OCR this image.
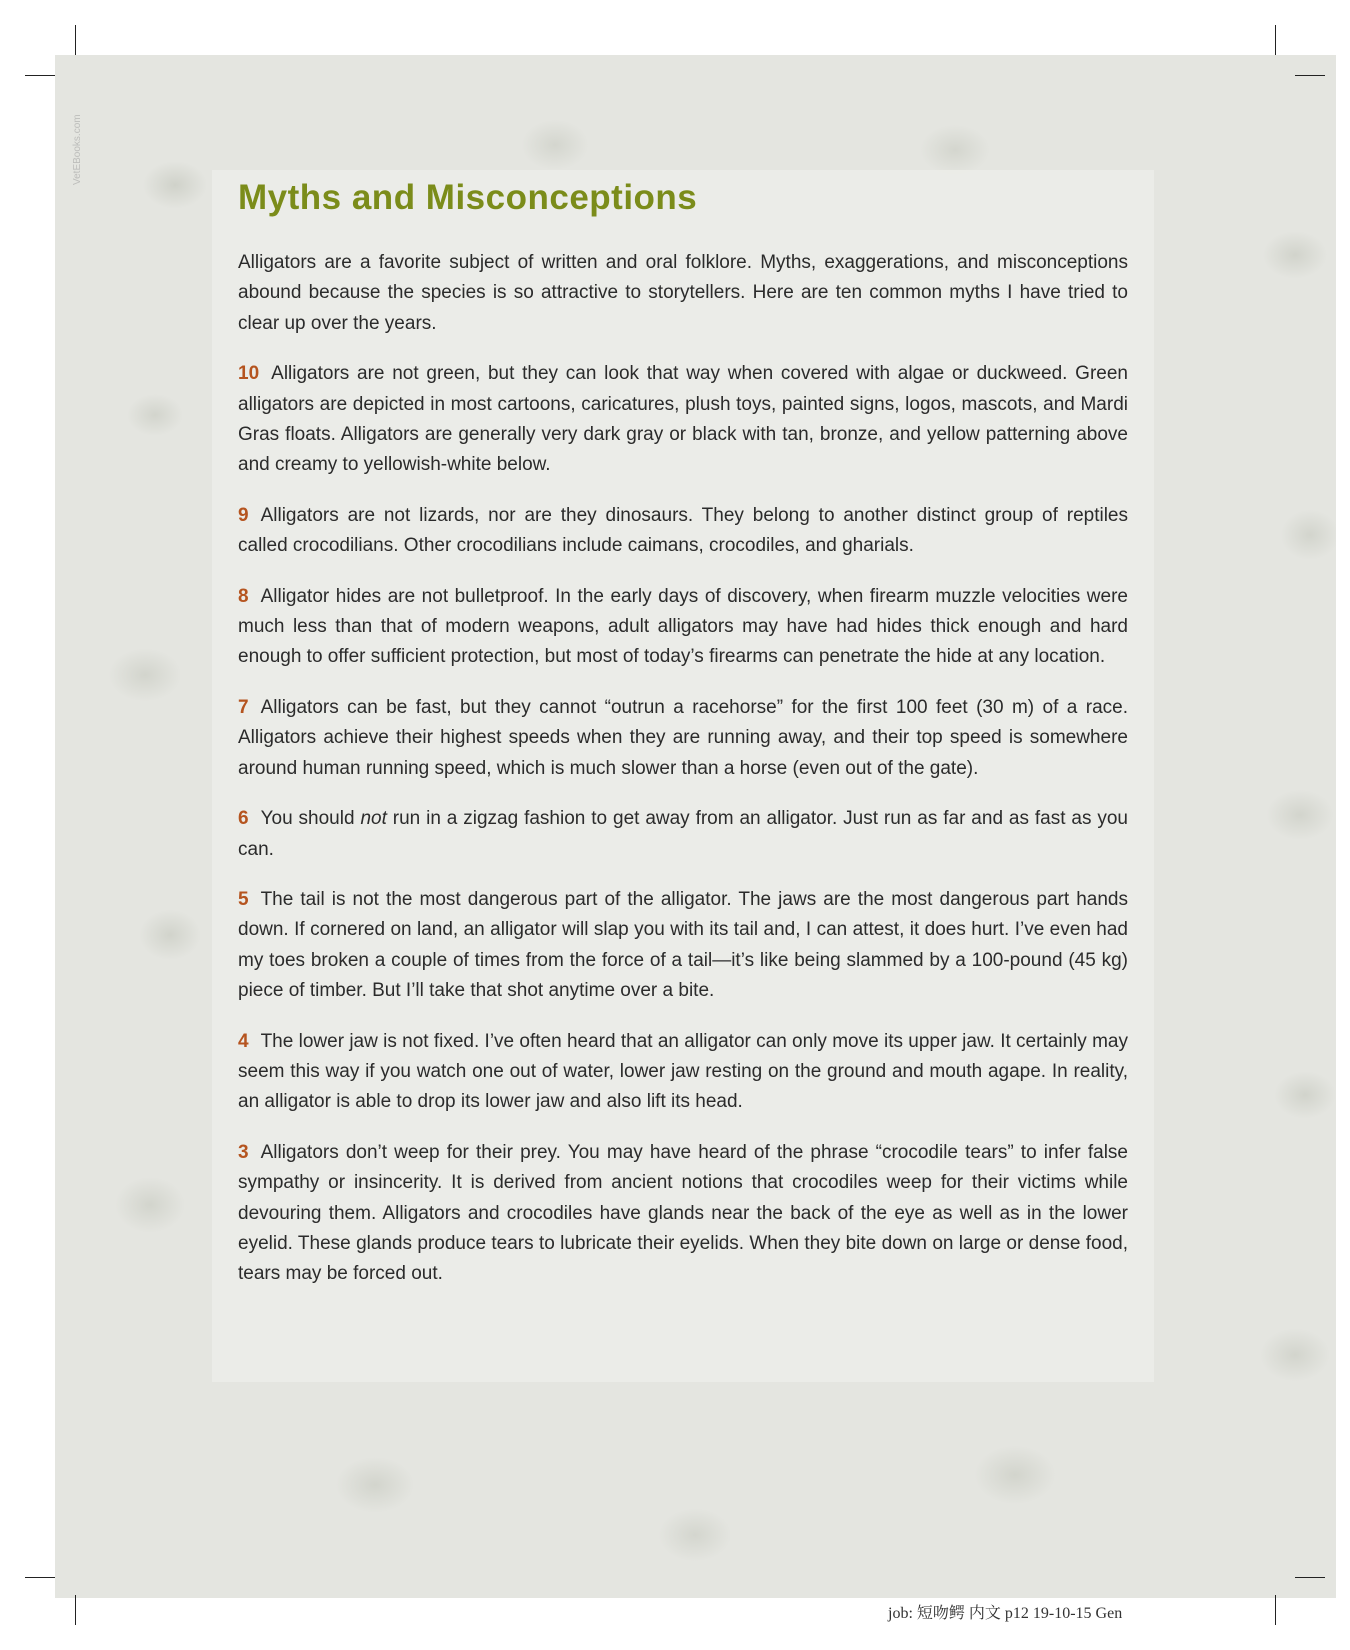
VetEBooks.com
Myths and Misconceptions

Alligators are a favorite subject of written and oral folklore. Myths, exaggerations, and misconceptions abound because the species is so attractive to storytellers. Here are ten common myths I have tried to clear up over the years.

10 Alligators are not green, but they can look that way when covered with algae or duckweed. Green alligators are depicted in most cartoons, caricatures, plush toys, painted signs, logos, mascots, and Mardi Gras floats. Alligators are generally very dark gray or black with tan, bronze, and yellow patterning above and creamy to yellowish-white below.

9 Alligators are not lizards, nor are they dinosaurs. They belong to another distinct group of reptiles called crocodilians. Other crocodilians include caimans, crocodiles, and gharials.

8 Alligator hides are not bulletproof. In the early days of discovery, when firearm muzzle velocities were much less than that of modern weapons, adult alligators may have had hides thick enough and hard enough to offer sufficient protection, but most of today’s firearms can penetrate the hide at any location.

7 Alligators can be fast, but they cannot “outrun a racehorse” for the first 100 feet (30 m) of a race. Alligators achieve their highest speeds when they are running away, and their top speed is somewhere around human running speed, which is much slower than a horse (even out of the gate).

6 You should not run in a zigzag fashion to get away from an alligator. Just run as far and as fast as you can.

5 The tail is not the most dangerous part of the alligator. The jaws are the most dangerous part hands down. If cornered on land, an alligator will slap you with its tail and, I can attest, it does hurt. I’ve even had my toes broken a couple of times from the force of a tail—it’s like being slammed by a 100-pound (45 kg) piece of timber. But I’ll take that shot anytime over a bite.

4 The lower jaw is not fixed. I’ve often heard that an alligator can only move its upper jaw. It certainly may seem this way if you watch one out of water, lower jaw resting on the ground and mouth agape. In reality, an alligator is able to drop its lower jaw and also lift its head.

3 Alligators don’t weep for their prey. You may have heard of the phrase “crocodile tears” to infer false sympathy or insincerity. It is derived from ancient notions that crocodiles weep for their victims while devouring them. Alligators and crocodiles have glands near the back of the eye as well as in the lower eyelid. These glands produce tears to lubricate their eyelids. When they bite down on large or dense food, tears may be forced out.

job: 短吻鳄 内文 p12 19-10-15 Gen
